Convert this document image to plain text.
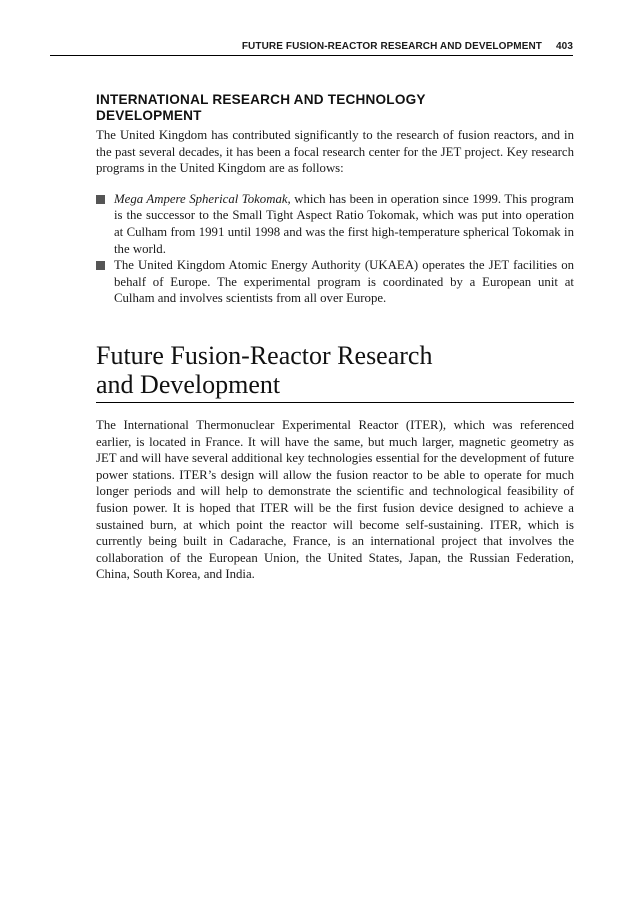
FUTURE FUSION-REACTOR RESEARCH AND DEVELOPMENT 403
INTERNATIONAL RESEARCH AND TECHNOLOGY
DEVELOPMENT

The United Kingdom has contributed significantly to the research of fusion reactors, and in the past several decades, it has been a focal research center for the JET project. Key research programs in the United Kingdom are as follows:

Mega Ampere Spherical Tokomak, which has been in operation since 1999. This program is the successor to the Small Tight Aspect Ratio Tokomak, which was put into operation at Culham from 1991 until 1998 and was the first high-temperature spherical Tokomak in the world.
The United Kingdom Atomic Energy Authority (UKAEA) operates the JET facilities on behalf of Europe. The experimental program is coordinated by a European unit at Culham and involves scientists from all over Europe.
Future Fusion-Reactor Research
and Development

The International Thermonuclear Experimental Reactor (ITER), which was referenced earlier, is located in France. It will have the same, but much larger, magnetic geometry as JET and will have several additional key technologies essential for the development of future power stations. ITER’s design will allow the fusion reactor to be able to operate for much longer periods and will help to demonstrate the scientific and technological feasibility of fusion power. It is hoped that ITER will be the first fusion device designed to achieve a sustained burn, at which point the reactor will become self-sustaining. ITER, which is currently being built in Cadarache, France, is an international project that involves the collaboration of the European Union, the United States, Japan, the Russian Federation, China, South Korea, and India.
